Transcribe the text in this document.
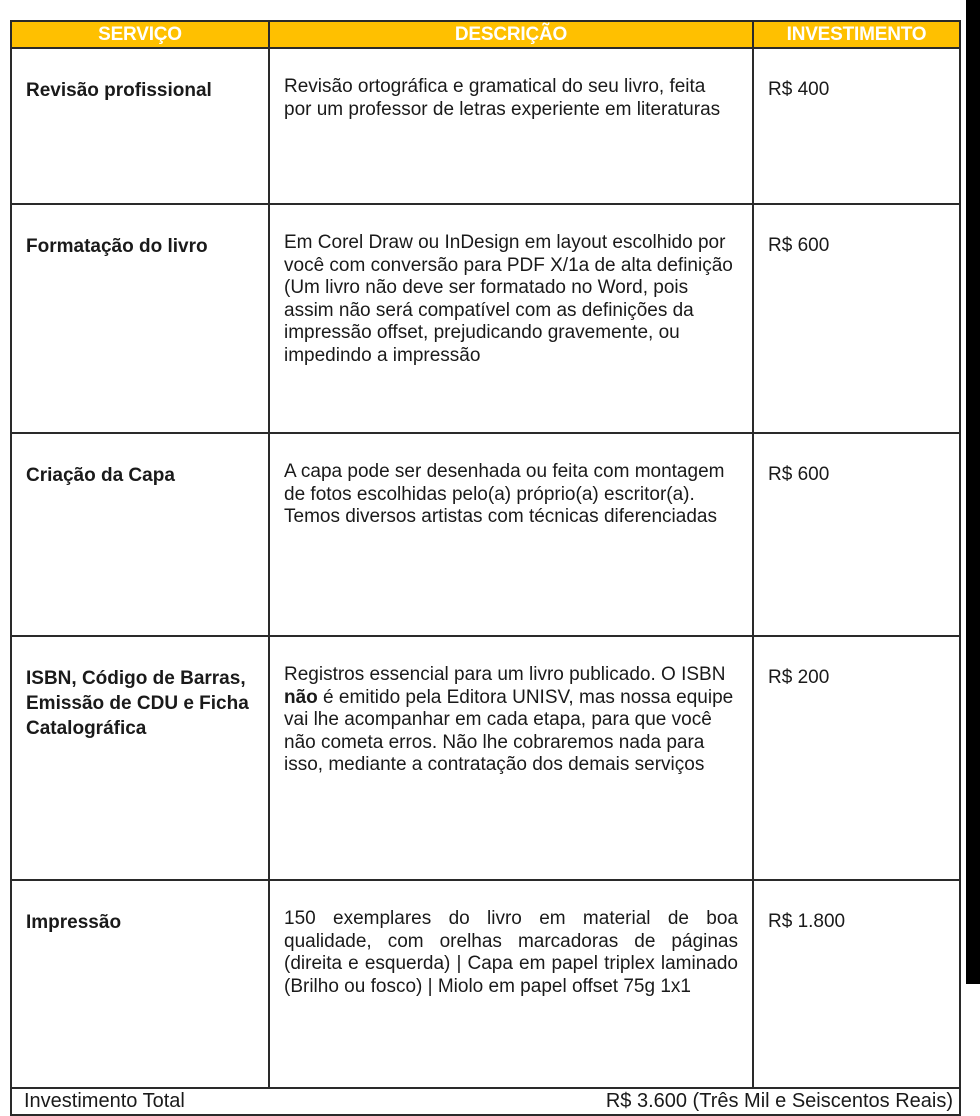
SERVIÇO	DESCRIÇÃO	INVESTIMENTO
Revisão profissional	Revisão ortográfica e gramatical do seu livro, feita por um professor de letras experiente em literaturas	R$ 400
Formatação do livro	Em Corel Draw ou InDesign em layout escolhido por você com conversão para PDF X/1a de alta definição (Um livro não deve ser formatado no Word, pois assim não será compatível com as definições da impressão offset, prejudicando gravemente, ou impedindo a impressão	R$ 600
Criação da Capa	A capa pode ser desenhada ou feita com montagem de fotos escolhidas pelo(a) próprio(a) escritor(a). Temos diversos artistas com técnicas diferenciadas	R$ 600
ISBN, Código de Barras, Emissão de CDU e Ficha Catalográfica	Registros essencial para um livro publicado. O ISBN não é emitido pela Editora UNISV, mas nossa equipe vai lhe acompanhar em cada etapa, para que você não cometa erros. Não lhe cobraremos nada para isso, mediante a contratação dos demais serviços	R$ 200
Impressão	150 exemplares do livro em material de boa qualidade, com orelhas marcadoras de páginas (direita e esquerda) | Capa em papel triplex laminado (Brilho ou fosco) | Miolo em papel offset 75g 1x1	R$ 1.800

Investimento Total R$ 3.600 (Três Mil e Seiscentos Reais)		
